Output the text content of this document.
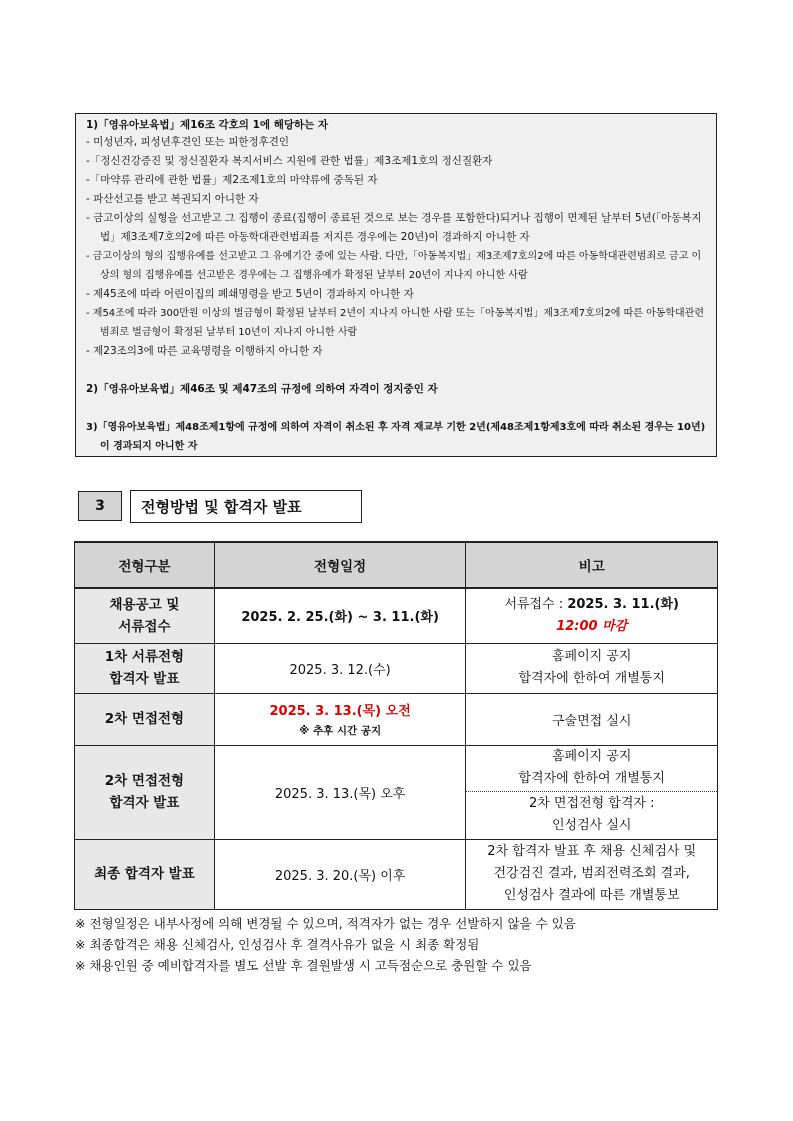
1)「영유아보육법」제16조 각호의 1에 해당하는 자
- 미성년자, 피성년후견인 또는 피한정후견인
-「정신건강증진 및 정신질환자 복지서비스 지원에 관한 법률」제3조제1호의 정신질환자
-「마약류 관리에 관한 법률」제2조제1호의 마약류에 중독된 자
- 파산선고를 받고 복권되지 아니한 자
- 금고이상의 실형을 선고받고 그 집행이 종료(집행이 종료된 것으로 보는 경우를 포함한다)되거나 집행이 면제된 날부터 5년(「아동복지법」제3조제7호의2에 따른 아동학대관련범죄를 저지른 경우에는 20년)이 경과하지 아니한 자
- 금고이상의 형의 집행유예를 선고받고 그 유예기간 중에 있는 사람. 다만,「아동복지법」제3조제7호의2에 따른 아동학대관련범죄로 금고 이상의 형의 집행유예를 선고받은 경우에는 그 집행유예가 확정된 날부터 20년이 지나지 아니한 사람
- 제45조에 따라 어린이집의 폐쇄명령을 받고 5년이 경과하지 아니한 자
- 제54조에 따라 300만원 이상의 벌금형이 확정된 날부터 2년이 지나지 아니한 사람 또는「아동복지법」제3조제7호의2에 따른 아동학대관련범죄로 벌금형이 확정된 날부터 10년이 지나지 아니한 사람
- 제23조의3에 따른 교육명령을 이행하지 아니한 자
2)「영유아보육법」제46조 및 제47조의 규정에 의하여 자격이 정지중인 자
3)「영유아보육법」제48조제1항에 규정에 의하여 자격이 취소된 후 자격 재교부 기한 2년(제48조제1항제3호에 따라 취소된 경우는 10년)이 경과되지 아니한 자
3	전형방법 및 합격자 발표
전형구분	전형일정	비고
채용공고 및 서류접수	2025. 2. 25.(화) ~ 3. 11.(화)	서류접수 : 2025. 3. 11.(화)
12:00 마감

1차 서류전형 합격자 발표	2025. 3. 12.(수)	홈페이지 공지
합격자에 한하여 개별통지

2차 면접전형	2025. 3. 13.(목) 오전
※ 추후 시간 공지	구술면접 실시
2차 면접전형 합격자 발표	2025. 3. 13.(목) 오후	홈페이지 공지
합격자에 한하여 개별통지

		2차 면접전형 합격자 :
인성검사 실시

최종 합격자 발표	2025. 3. 20.(목) 이후	2차 합격자 발표 후 채용 신체검사 및
건강검진 결과, 범죄전력조회 결과,
인성검사 결과에 따른 개별통보
※ 전형일정은 내부사정에 의해 변경될 수 있으며, 적격자가 없는 경우 선발하지 않을 수 있음
※ 최종합격은 채용 신체검사, 인성검사 후 결격사유가 없을 시 최종 확정됨
※ 채용인원 중 예비합격자를 별도 선발 후 결원발생 시 고득점순으로 충원할 수 있음
